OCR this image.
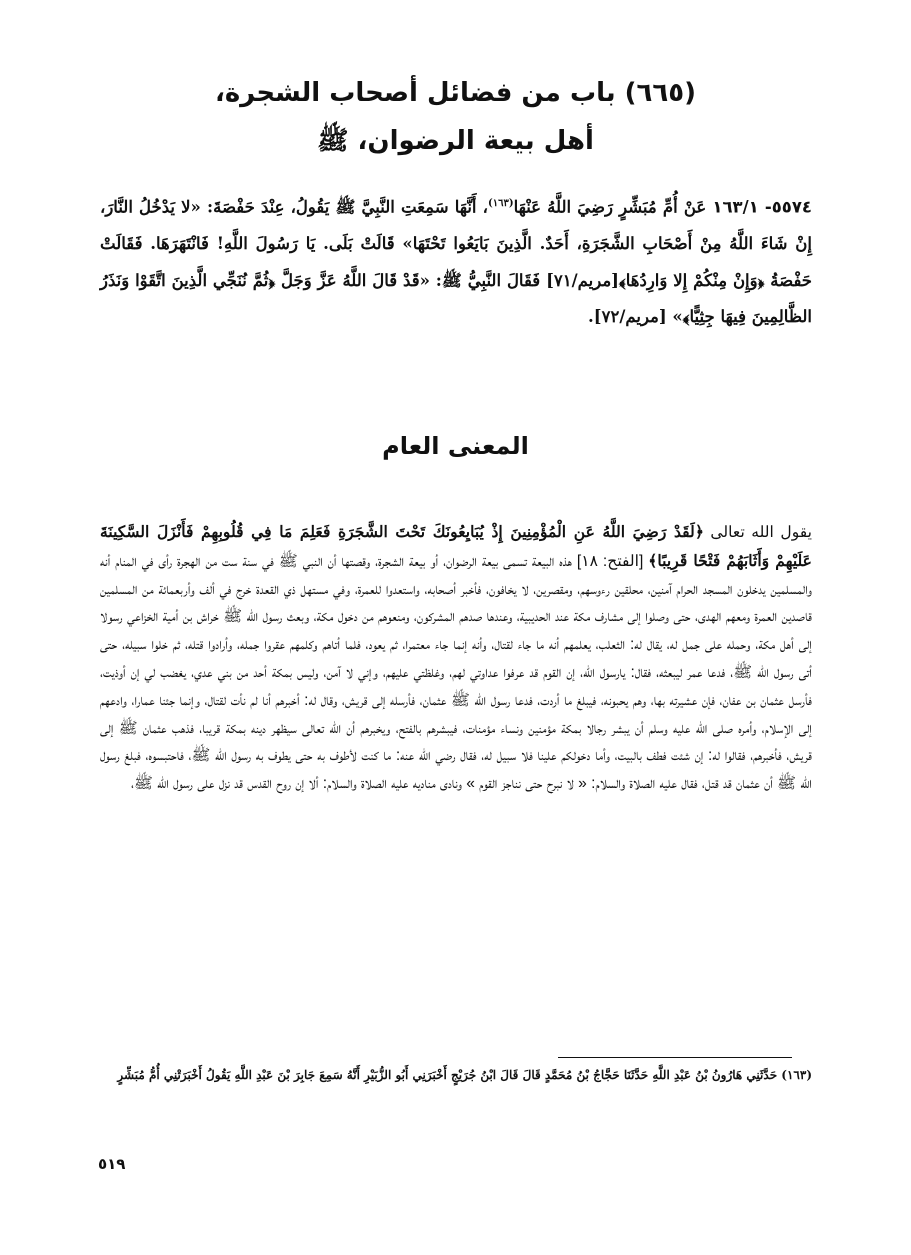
(٦٦٥) باب من فضائل أصحاب الشجرة،
أهل بيعة الرضوان، ﷺ

٥٥٧٤- ١٦٣/١ عَنْ أُمِّ مُبَشِّرٍ رَضِيَ اللَّهُ عَنْهَا$^{(١٦٣)}$، أَنَّهَا سَمِعَتِ النَّبِيَّ ﷺ يَقُولُ، عِنْدَ حَفْصَةَ: «لا يَدْخُلُ النَّارَ، إِنْ شَاءَ اللَّهُ مِنْ أَصْحَابِ الشَّجَرَةِ، أَحَدٌ. الَّذِينَ بَايَعُوا تَحْتَهَا» قَالَتْ بَلَى. يَا رَسُولَ اللَّهِ! فَانْتَهَرَهَا. فَقَالَتْ حَفْصَةُ ﴿وَإِنْ مِنْكُمْ إِلا وَارِدُهَا﴾[مريم/٧١] فَقَالَ النَّبِيُّ ﷺ: «قَدْ قَالَ اللَّهُ عَزَّ وَجَلَّ ﴿ثُمَّ نُنَجِّي الَّذِينَ اتَّقَوْا وَنَذَرُ الظَّالِمِينَ فِيهَا جِثِيًّا﴾» [مريم/٧٢].

المعنى العام

يقول الله تعالى ﴿لَقَدْ رَضِيَ اللَّهُ عَنِ الْمُؤْمِنِينَ إِذْ يُبَايِعُونَكَ تَحْتَ الشَّجَرَةِ فَعَلِمَ مَا فِي قُلُوبِهِمْ فَأَنْزَلَ السَّكِينَةَ عَلَيْهِمْ وَأَثَابَهُمْ فَتْحًا قَرِيبًا﴾ [الفتح: ١٨] هذه البيعة تسمى بيعة الرضوان، أو بيعة الشجرة، وقصتها أن النبي ﷺ في سنة ست من الهجرة رأى في المنام أنه والمسلمين يدخلون المسجد الحرام آمنين، محلقين رءوسهم، ومقصرين، لا يخافون، فأخبر أصحابه، واستعدوا للعمرة، وفي مستهل ذي القعدة خرج في ألف وأربعمائة من المسلمين قاصدين العمرة ومعهم الهدى، حتى وصلوا إلى مشارف مكة عند الحديبية، وعندها صدهم المشركون، ومنعوهم من دخول مكة، وبعث رسول الله ﷺ خراش بن أمية الخزاعي رسولا إلى أهل مكة، وحمله على جمل له، يقال له: الثعلب، يعلمهم أنه ما جاء لقتال، وأنه إنما جاء معتمرا، ثم يعود، فلما أتاهم وكلمهم عقروا جمله، وأرادوا قتله، ثم خلوا سبيله، حتى أتى رسول الله ﷺ، فدعا عمر ليبعثه، فقال: يارسول الله، إن القوم قد عرفوا عداوتي لهم، وغلظتي عليهم، وإني لا آمن، وليس بمكة أحد من بني عدي، يغضب لي إن أوذيت، فأرسل عثمان بن عفان، فإن عشيرته بها، وهم يحبونه، فيبلغ ما أردت، فدعا رسول الله ﷺ عثمان، فأرسله إلى قريش، وقال له: أخبرهم أنا لم نأت لقتال، وإنما جئنا عمارا، وادعهم إلى الإسلام، وأمره صلى الله عليه وسلم أن يبشر رجالا بمكة مؤمنين ونساء مؤمنات، فيبشرهم بالفتح، ويخبرهم أن الله تعالى سيظهر دينه بمكة قريبا، فذهب عثمان ﷺ إلى قريش، فأخبرهم، فقالوا له: إن شئت فطف بالبيت، وأما دخولكم علينا فلا سبيل له، فقال رضي الله عنه: ما كنت لأطوف به حتى يطوف به رسول الله ﷺ، فاحتبسوه، فبلغ رسول الله ﷺ أن عثمان قد قتل، فقال عليه الصلاة والسلام: « لا نبرح حتى نناجز القوم » ونادى مناديه عليه الصلاة والسلام: ألا إن روح القدس قد نزل على رسول الله ﷺ،

(١٦٣) حَدَّثَنِي هَارُونُ بْنُ عَبْدِ اللَّهِ حَدَّثَنَا حَجَّاجُ بْنُ مُحَمَّدٍ قَالَ قَالَ ابْنُ جُرَيْجٍ أَخْبَرَنِي أَبُو الزُّبَيْرِ أَنَّهُ سَمِعَ جَابِرَ بْنَ عَبْدِ اللَّهِ يَقُولُ أَخْبَرَتْنِي أُمُّ مُبَشِّرٍ

٥١٩
